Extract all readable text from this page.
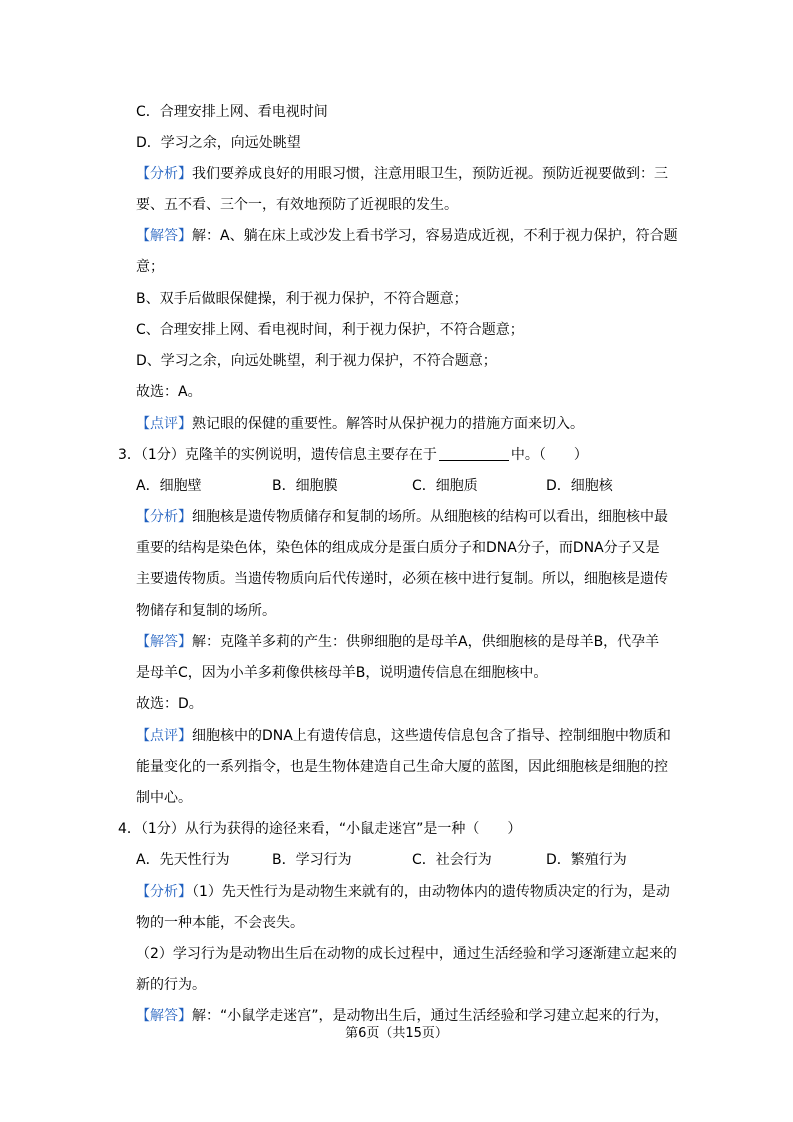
C．合理安排上网、看电视时间
D．学习之余，向远处眺望
【分析】我们要养成良好的用眼习惯，注意用眼卫生，预防近视。预防近视要做到：三
要、五不看、三个一，有效地预防了近视眼的发生。
【解答】解：A、躺在床上或沙发上看书学习，容易造成近视，不利于视力保护，符合题
意；
B、双手后做眼保健操，利于视力保护，不符合题意；
C、合理安排上网、看电视时间，利于视力保护，不符合题意；
D、学习之余，向远处眺望，利于视力保护，不符合题意；
故选：A。
【点评】熟记眼的保健的重要性。解答时从保护视力的措施方面来切入。
3．（1分）克隆羊的实例说明，遗传信息主要存在于	中。（　　）
A．细胞壁	B．细胞膜	C．细胞质	D．细胞核
【分析】细胞核是遗传物质储存和复制的场所。从细胞核的结构可以看出，细胞核中最
重要的结构是染色体，染色体的组成成分是蛋白质分子和DNA分子，而DNA分子又是
主要遗传物质。当遗传物质向后代传递时，必须在核中进行复制。所以，细胞核是遗传
物储存和复制的场所。
【解答】解：克隆羊多莉的产生：供卵细胞的是母羊A，供细胞核的是母羊B，代孕羊
是母羊C，因为小羊多莉像供核母羊B，说明遗传信息在细胞核中。
故选：D。
【点评】细胞核中的DNA上有遗传信息，这些遗传信息包含了指导、控制细胞中物质和
能量变化的一系列指令，也是生物体建造自己生命大厦的蓝图，因此细胞核是细胞的控
制中心。
4．（1分）从行为获得的途径来看，“小鼠走迷宫”是一种（　　）
A．先天性行为	B．学习行为	C．社会行为	D．繁殖行为
【分析】（1）先天性行为是动物生来就有的，由动物体内的遗传物质决定的行为，是动
物的一种本能，不会丧失。
（2）学习行为是动物出生后在动物的成长过程中，通过生活经验和学习逐渐建立起来的
新的行为。
【解答】解：“小鼠学走迷宫”，是动物出生后，通过生活经验和学习建立起来的行为，
第6页（共15页）
